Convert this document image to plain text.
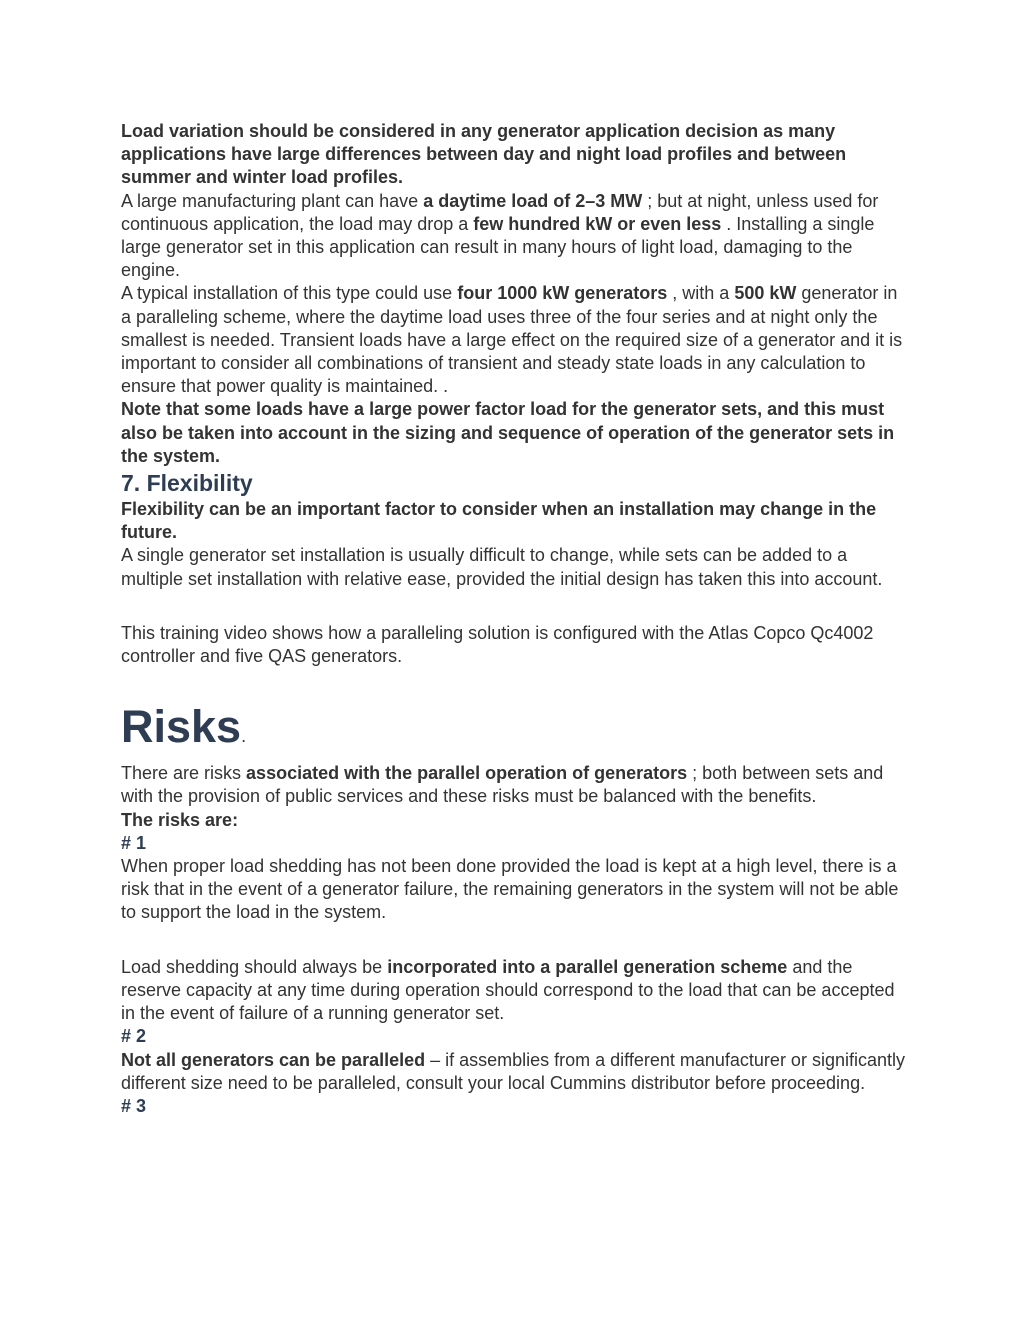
Load variation should be considered in any generator application decision as many applications have large differences between day and night load profiles and between summer and winter load profiles.

A large manufacturing plant can have a daytime load of 2–3 MW ; but at night, unless used for continuous application, the load may drop a few hundred kW or even less . Installing a single large generator set in this application can result in many hours of light load, damaging to the engine.

A typical installation of this type could use four 1000 kW generators , with a 500 kW generator in a paralleling scheme, where the daytime load uses three of the four series and at night only the smallest is needed. Transient loads have a large effect on the required size of a generator and it is important to consider all combinations of transient and steady state loads in any calculation to ensure that power quality is maintained. .

Note that some loads have a large power factor load for the generator sets, and this must also be taken into account in the sizing and sequence of operation of the generator sets in the system.

7. Flexibility

Flexibility can be an important factor to consider when an installation may change in the future.

A single generator set installation is usually difficult to change, while sets can be added to a multiple set installation with relative ease, provided the initial design has taken this into account.

This training video shows how a paralleling solution is configured with the Atlas Copco Qc4002 controller and five QAS generators.

Risks.

There are risks associated with the parallel operation of generators ; both between sets and with the provision of public services and these risks must be balanced with the benefits.

The risks are:

# 1

When proper load shedding has not been done provided the load is kept at a high level, there is a risk that in the event of a generator failure, the remaining generators in the system will not be able to support the load in the system.

Load shedding should always be incorporated into a parallel generation scheme and the reserve capacity at any time during operation should correspond to the load that can be accepted in the event of failure of a running generator set.

# 2

Not all generators can be paralleled – if assemblies from a different manufacturer or significantly different size need to be paralleled, consult your local Cummins distributor before proceeding.

# 3
